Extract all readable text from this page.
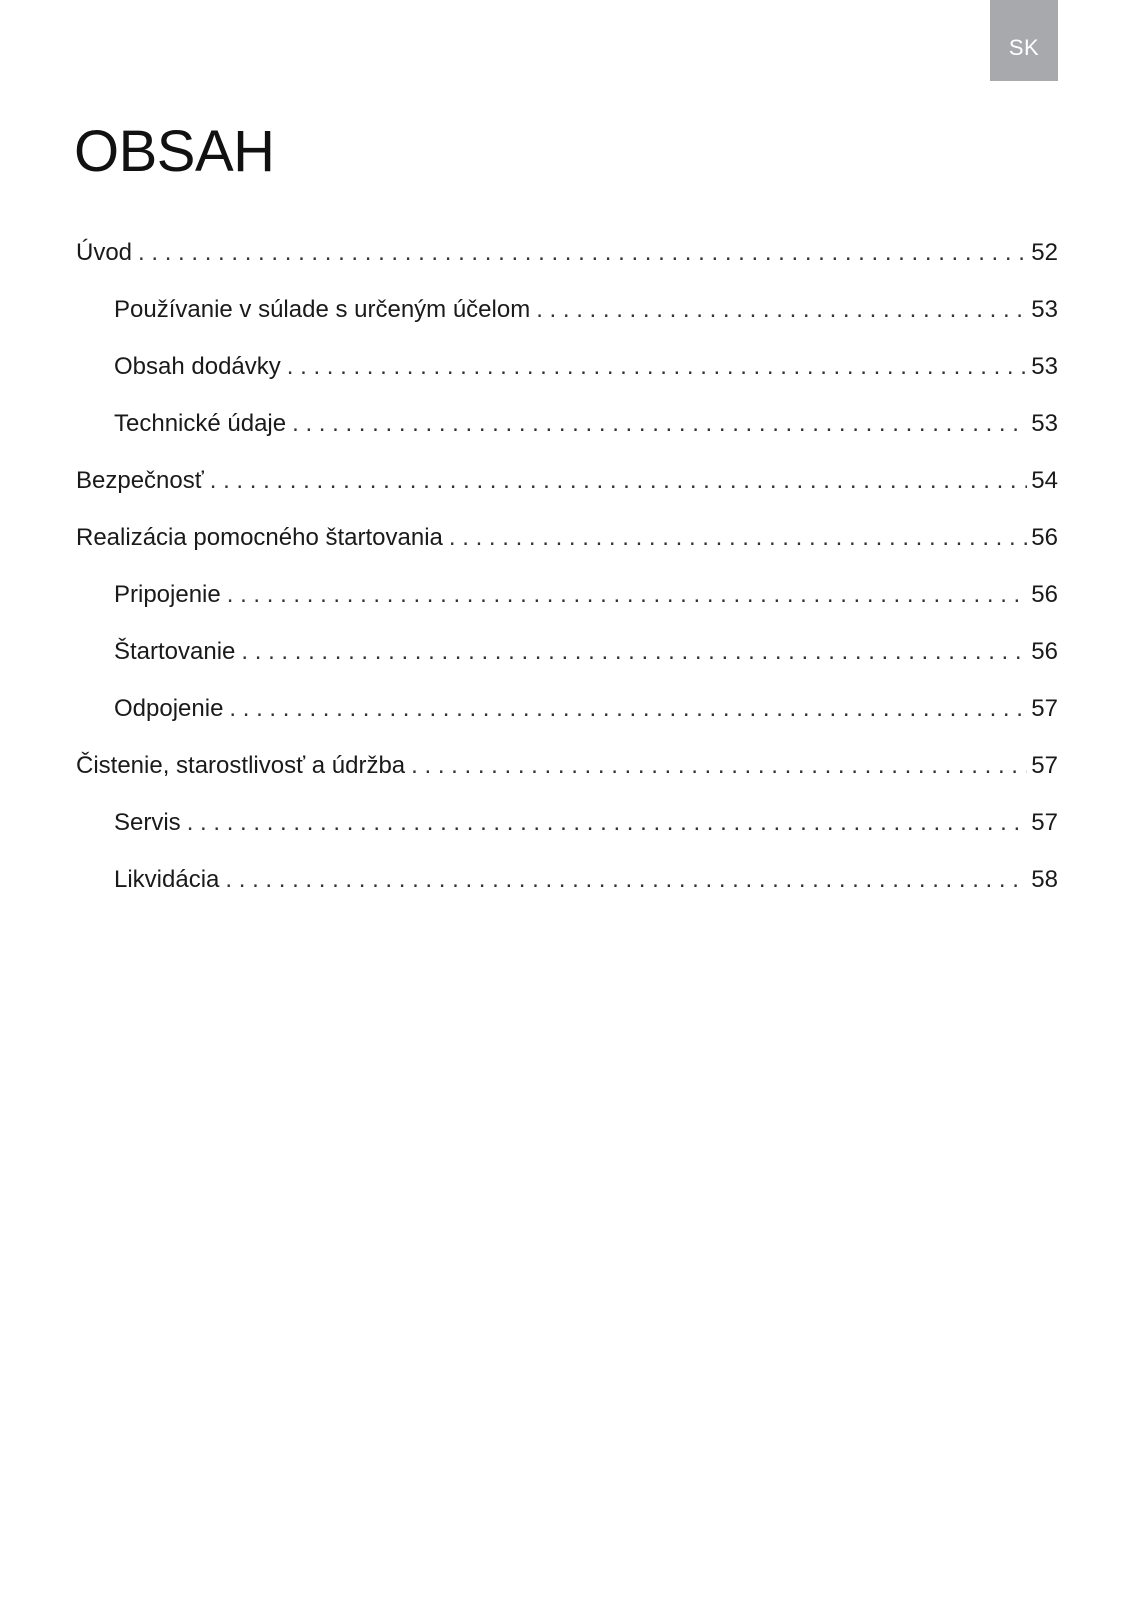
SK
OBSAH
Úvod . . .	52
Používanie v súlade s určeným účelom . . .	53
Obsah dodávky . . .	53
Technické údaje . . .	53
Bezpečnosť . . .	54
Realizácia pomocného štartovania . . .	56
Pripojenie . . .	56
Štartovanie . . .	56
Odpojenie . . .	57
Čistenie, starostlivosť a údržba . . .	57
Servis . . .	57
Likvidácia . . .	58
